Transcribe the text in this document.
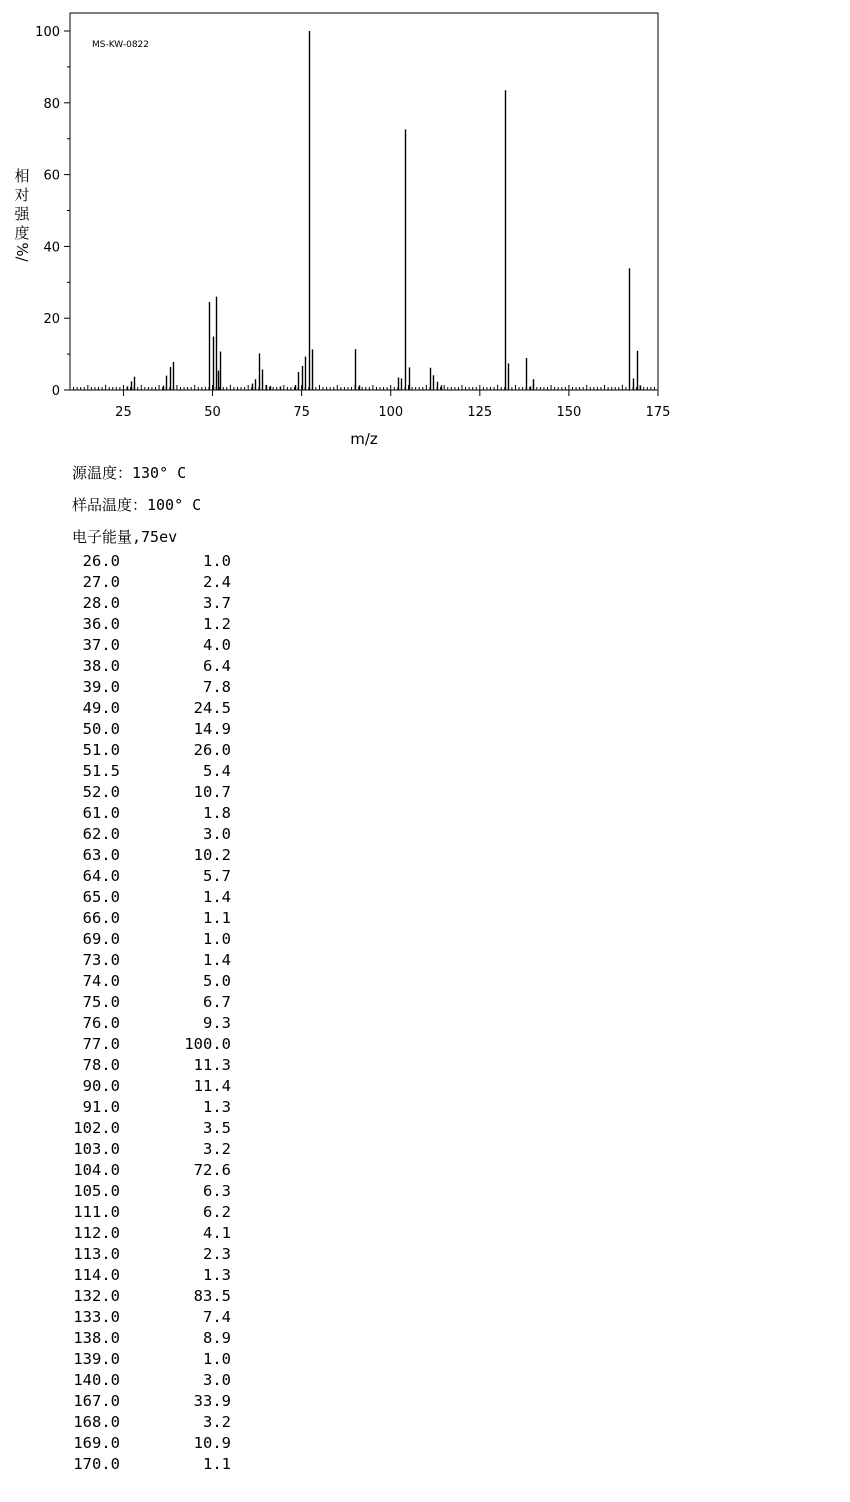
25	50	75	100	125	150	175
0
20
40
60
80
100
MS-KW-0822
m/z
相
对
强
度
%/
源温度：130° C
样品温度：100° C
电子能量,75ev
26.0	1.0
27.0	2.4
28.0	3.7
36.0	1.2
37.0	4.0
38.0	6.4
39.0	7.8
49.0	24.5
50.0	14.9
51.0	26.0
51.5	5.4
52.0	10.7
61.0	1.8
62.0	3.0
63.0	10.2
64.0	5.7
65.0	1.4
66.0	1.1
69.0	1.0
73.0	1.4
74.0	5.0
75.0	6.7
76.0	9.3
77.0	100.0
78.0	11.3
90.0	11.4
91.0	1.3
102.0	3.5
103.0	3.2
104.0	72.6
105.0	6.3
111.0	6.2
112.0	4.1
113.0	2.3
114.0	1.3
132.0	83.5
133.0	7.4
138.0	8.9
139.0	1.0
140.0	3.0
167.0	33.9
168.0	3.2
169.0	10.9
170.0	1.1
